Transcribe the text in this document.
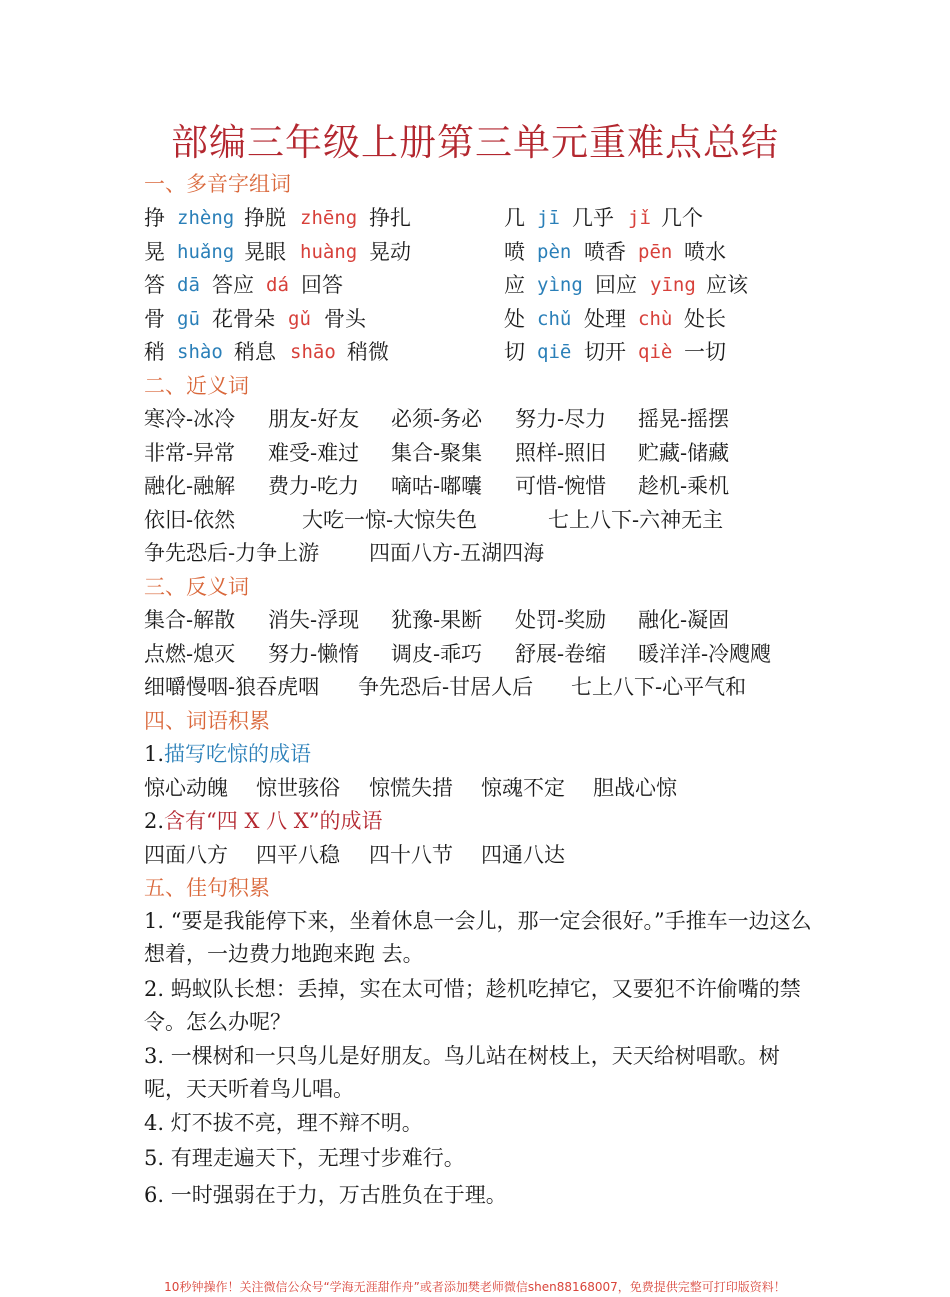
部编三年级上册第三单元重难点总结
一、多音字组词
挣 zhèng 挣脱 zhēng 挣扎	几 jī 几乎 jǐ 几个
晃 huǎng 晃眼 huàng 晃动	喷 pèn 喷香 pēn 喷水
答 dā 答应 dá 回答	应 yìng 回应 yīng 应该
骨 gū 花骨朵 gǔ 骨头	处 chǔ 处理 chù 处长
稍 shào 稍息 shāo 稍微	切 qiē 切开 qiè 一切
二、近义词
寒冷-冰冷 朋友-好友 必须-务必 努力-尽力 摇晃-摇摆
非常-异常 难受-难过 集合-聚集 照样-照旧 贮藏-储藏
融化-融解 费力-吃力 嘀咕-嘟囔 可惜-惋惜 趁机-乘机
依旧-依然	大吃一惊-大惊失色	七上八下-六神无主
争先恐后-力争上游 四面八方-五湖四海
三、反义词
集合-解散 消失-浮现 犹豫-果断 处罚-奖励 融化-凝固
点燃-熄灭 努力-懒惰 调皮-乖巧 舒展-卷缩 暖洋洋-冷飕飕
细嚼慢咽-狼吞虎咽 争先恐后-甘居人后 七上八下-心平气和
四、词语积累
1.描写吃惊的成语
惊心动魄 惊世骇俗 惊慌失措 惊魂不定 胆战心惊
2.含有“四 X 八 X”的成语
四面八方 四平八稳 四十八节 四通八达
五、佳句积累
1. “要是我能停下来，坐着休息一会儿，那一定会很好。”手推车一边这么想着，一边费力地跑来跑 去。
2. 蚂蚁队长想：丢掉，实在太可惜；趁机吃掉它，又要犯不许偷嘴的禁令。怎么办呢？
3. 一棵树和一只鸟儿是好朋友。鸟儿站在树枝上，天天给树唱歌。树呢，天天听着鸟儿唱。
4. 灯不拔不亮，理不辩不明。
5. 有理走遍天下，无理寸步难行。
6. 一时强弱在于力，万古胜负在于理。
10秒钟操作！关注微信公众号“学海无涯甜作舟”或者添加樊老师微信shen88168007，免费提供完整可打印版资料！
